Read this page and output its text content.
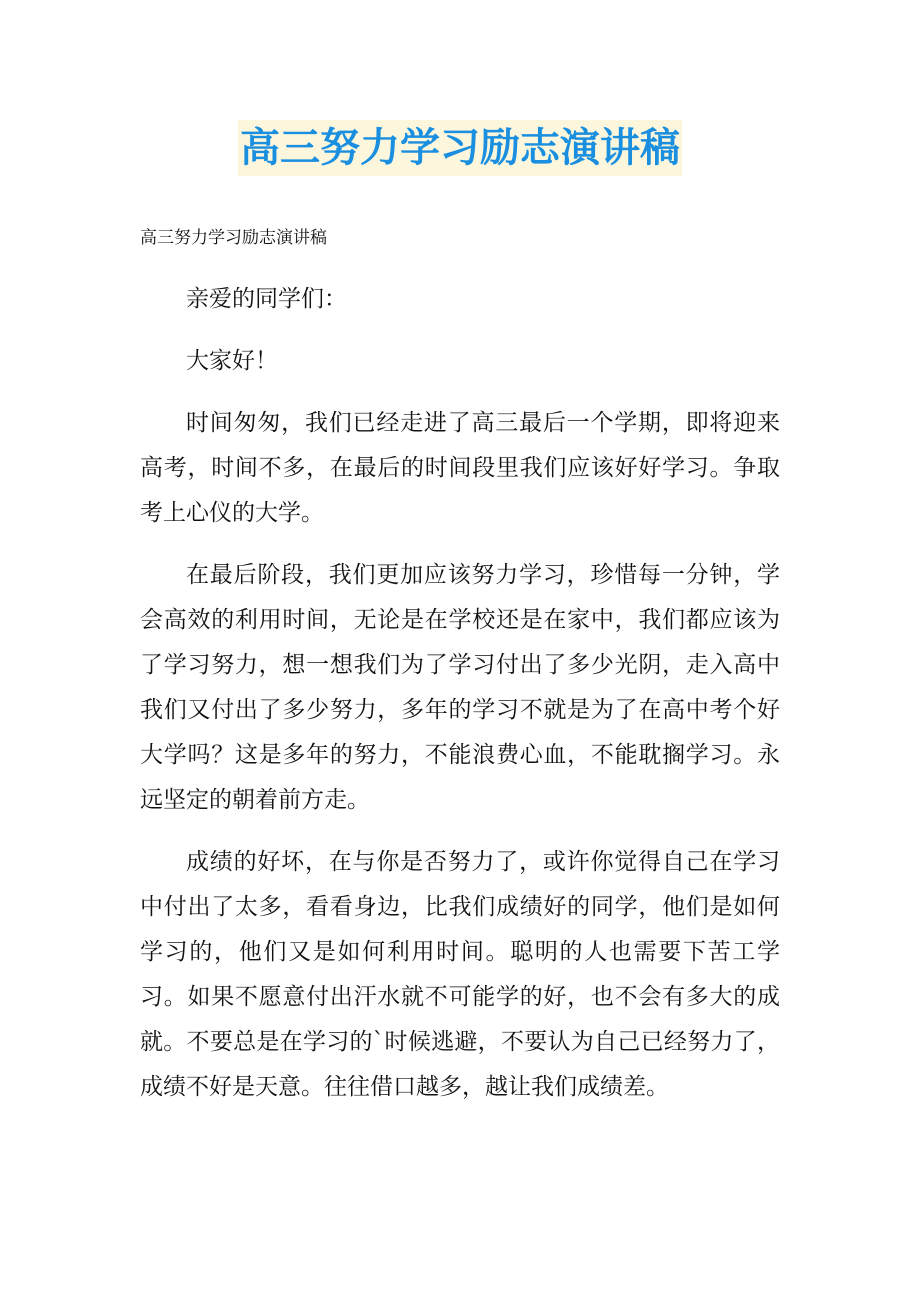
高三努力学习励志演讲稿
高三努力学习励志演讲稿

亲爱的同学们：

大家好！

时间匆匆，我们已经走进了高三最后一个学期，即将迎来高考，时间不多，在最后的时间段里我们应该好好学习。争取考上心仪的大学。

在最后阶段，我们更加应该努力学习，珍惜每一分钟，学会高效的利用时间，无论是在学校还是在家中，我们都应该为了学习努力，想一想我们为了学习付出了多少光阴，走入高中我们又付出了多少努力，多年的学习不就是为了在高中考个好大学吗？这是多年的努力，不能浪费心血，不能耽搁学习。永远坚定的朝着前方走。

成绩的好坏，在与你是否努力了，或许你觉得自己在学习中付出了太多，看看身边，比我们成绩好的同学，他们是如何学习的，他们又是如何利用时间。聪明的人也需要下苦工学习。如果不愿意付出汗水就不可能学的好，也不会有多大的成就。不要总是在学习的`时候逃避，不要认为自己已经努力了，成绩不好是天意。往往借口越多，越让我们成绩差。
